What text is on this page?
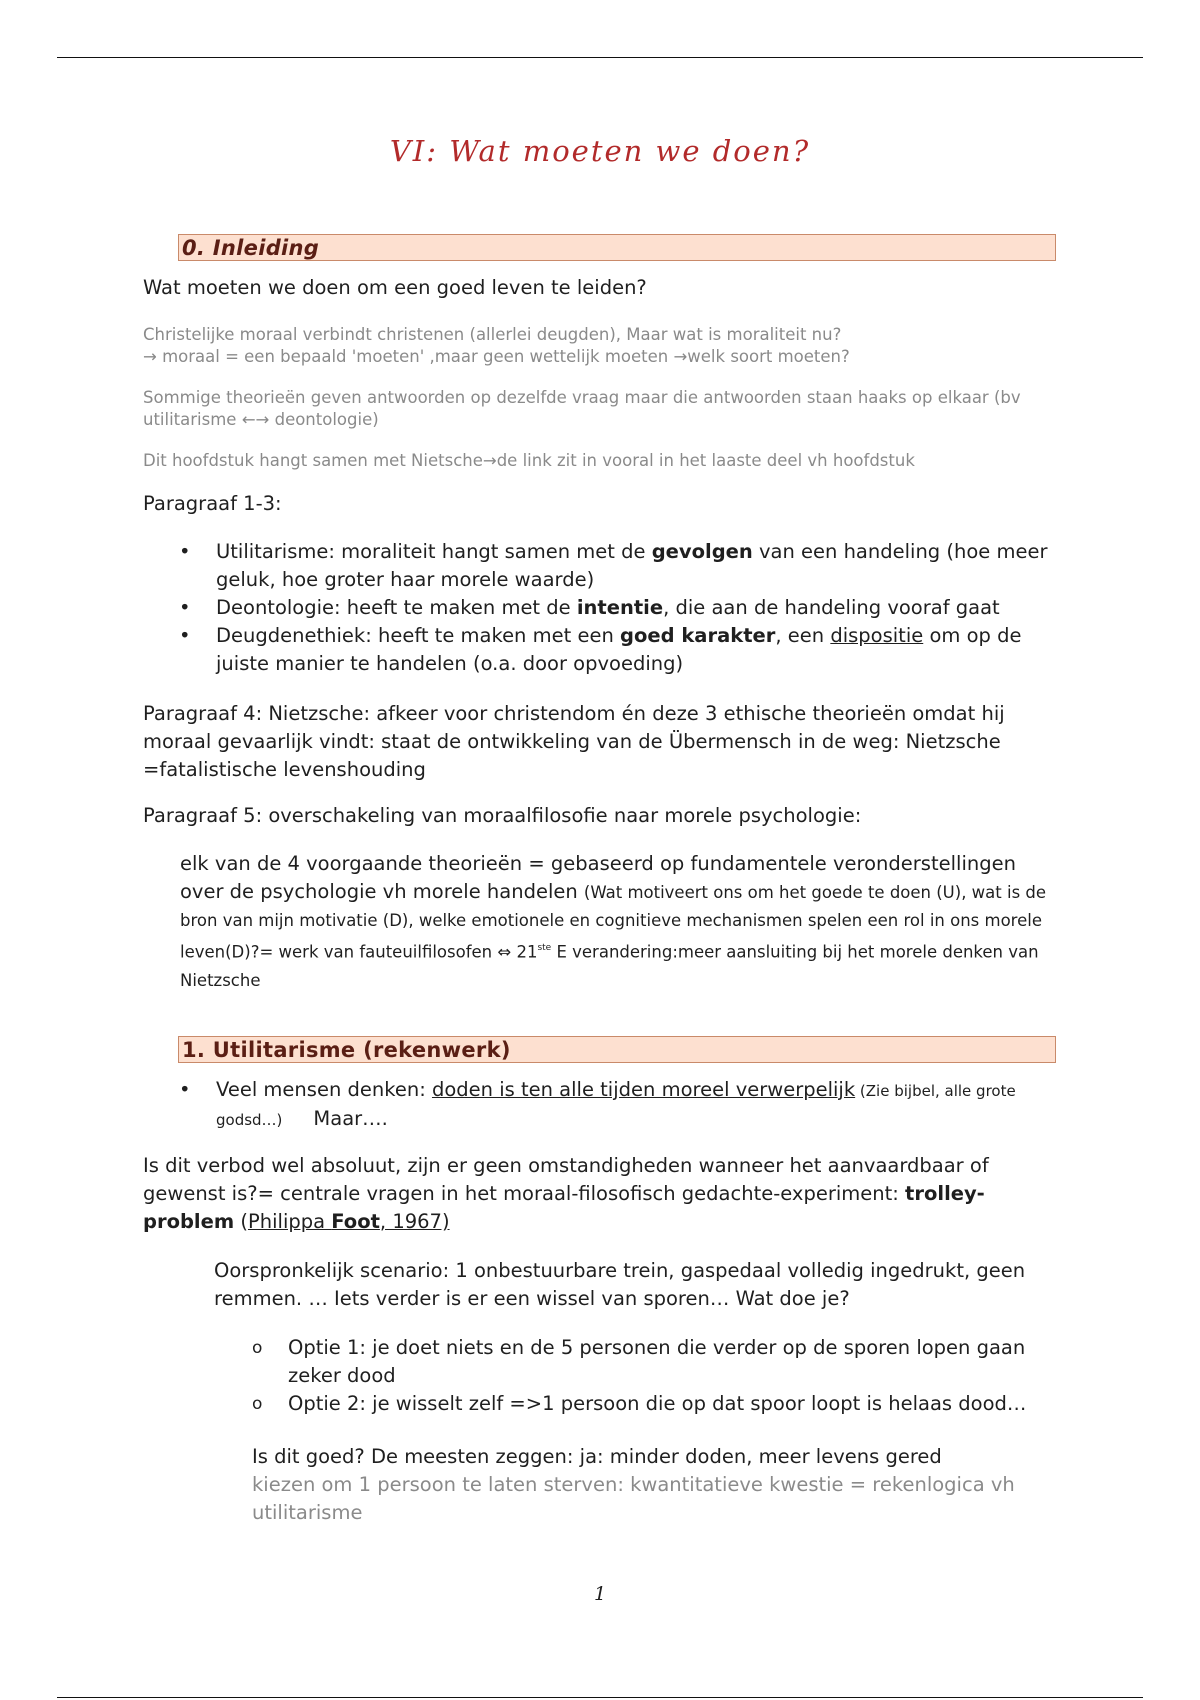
VI: Wat moeten we doen?
0. Inleiding
Wat moeten we doen om een goed leven te leiden?
Christelijke moraal verbindt christenen (allerlei deugden), Maar wat is moraliteit nu?
→ moraal = een bepaald 'moeten' ,maar geen wettelijk moeten →welk soort moeten?
Sommige theorieën geven antwoorden op dezelfde vraag maar die antwoorden staan haaks op elkaar (bv utilitarisme ←→ deontologie)
Dit hoofdstuk hangt samen met Nietsche→de link zit in vooral in het laaste deel vh hoofdstuk
Paragraaf 1-3:
• Utilitarisme: moraliteit hangt samen met de gevolgen van een handeling (hoe meer geluk, hoe groter haar morele waarde)
• Deontologie: heeft te maken met de intentie, die aan de handeling vooraf gaat
• Deugdenethiek: heeft te maken met een goed karakter, een dispositie om op de juiste manier te handelen (o.a. door opvoeding)
Paragraaf 4: Nietzsche: afkeer voor christendom én deze 3 ethische theorieën omdat hij moraal gevaarlijk vindt: staat de ontwikkeling van de Übermensch in de weg: Nietzsche =fatalistische levenshouding
Paragraaf 5: overschakeling van moraalfilosofie naar morele psychologie:
elk van de 4 voorgaande theorieën = gebaseerd op fundamentele veronderstellingen over de psychologie vh morele handelen (Wat motiveert ons om het goede te doen (U), wat is de bron van mijn motivatie (D), welke emotionele en cognitieve mechanismen spelen een rol in ons morele leven(D)?= werk van fauteuilfilosofen ⇔ 21ste E verandering:meer aansluiting bij het morele denken van Nietzsche
1. Utilitarisme (rekenwerk)
• Veel mensen denken: doden is ten alle tijden moreel verwerpelijk (Zie bijbel, alle grote godsd…)     Maar….
Is dit verbod wel absoluut, zijn er geen omstandigheden wanneer het aanvaardbaar of gewenst is?= centrale vragen in het moraal-filosofisch gedachte-experiment: trolley-problem (Philippa Foot, 1967)
Oorspronkelijk scenario: 1 onbestuurbare trein, gaspedaal volledig ingedrukt, geen remmen. … Iets verder is er een wissel van sporen… Wat doe je?
o Optie 1: je doet niets en de 5 personen die verder op de sporen lopen gaan zeker dood
o Optie 2: je wisselt zelf =>1 persoon die op dat spoor loopt is helaas dood…
Is dit goed? De meesten zeggen: ja: minder doden, meer levens gered
kiezen om 1 persoon te laten sterven: kwantitatieve kwestie = rekenlogica vh utilitarisme
1
